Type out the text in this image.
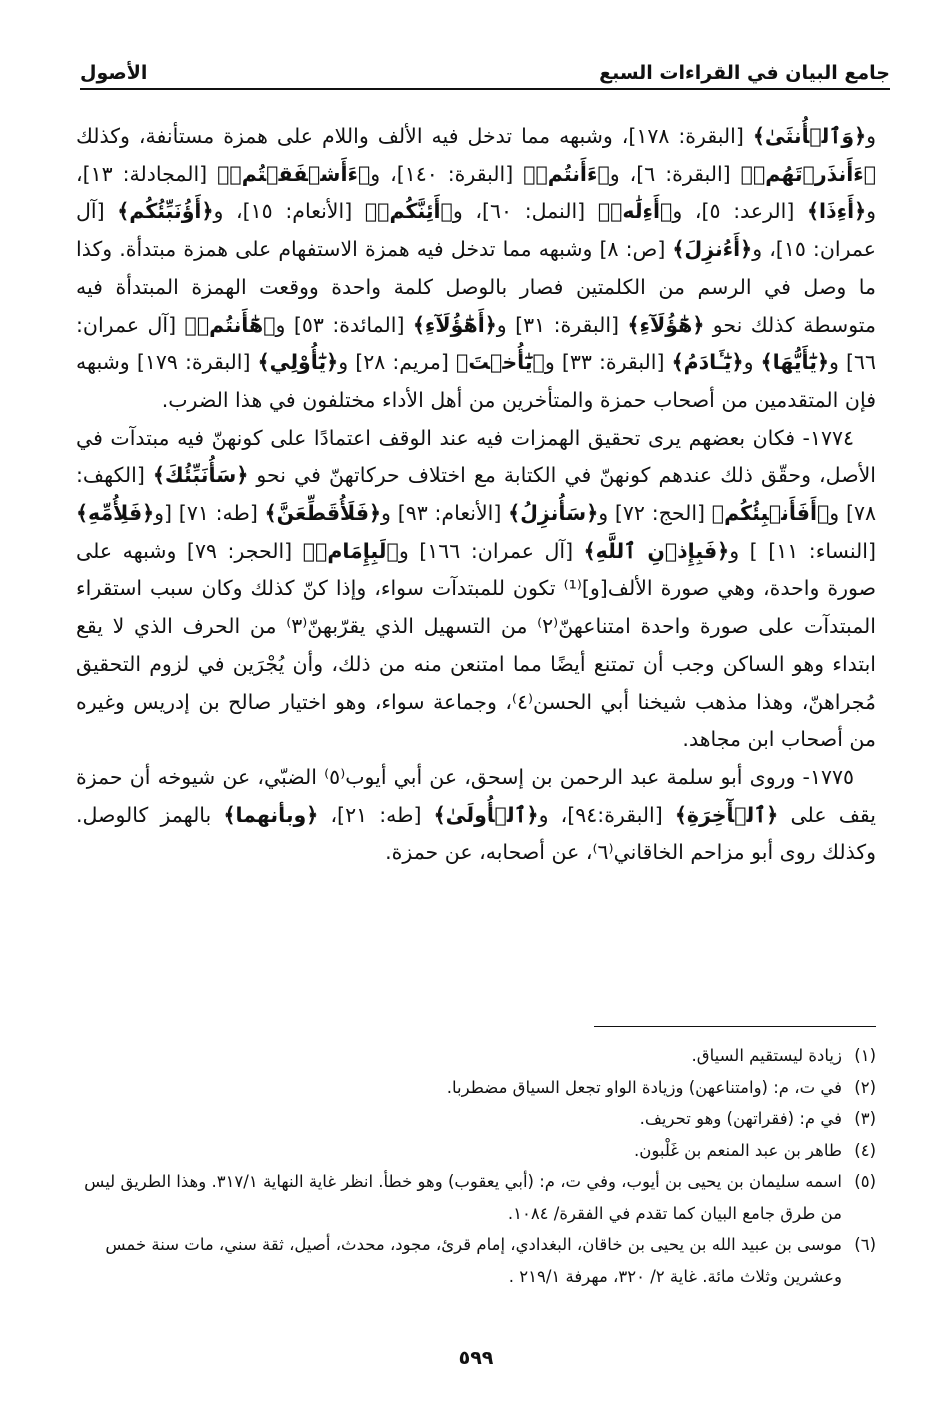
جامع البيان في القراءات السبع
الأصول

و﴿وَٱلۡأُنثَىٰ﴾ [البقرة: ١٧٨]، وشبهه مما تدخل فيه الألف واللام على همزة مستأنفة، وكذلك ﴿ءَأَنذَرۡتَهُمۡ﴾ [البقرة: ٦]، و﴿ءَأَنتُمۡ﴾ [البقرة: ١٤٠]، و﴿ءَأَشۡفَقۡتُمۡ﴾ [المجادلة: ١٣]، و﴿أَءِذَا﴾ [الرعد: ٥]، و﴿أَءِلَٰهٞ﴾ [النمل: ٦٠]، و﴿أَئِنَّكُمۡ﴾ [الأنعام: ١٥]، و﴿أَؤُنَبِّئُكُم﴾ [آل عمران: ١٥]، و﴿أَءُنزِلَ﴾ [ص: ٨] وشبهه مما تدخل فيه همزة الاستفهام على همزة مبتدأة. وكذا ما وصل في الرسم من الكلمتين فصار بالوصل كلمة واحدة ووقعت الهمزة المبتدأة فيه متوسطة كذلك نحو ﴿هَٰٓؤُلَآءِ﴾ [البقرة: ٣١] و﴿أَهَٰٓؤُلَآءِ﴾ [المائدة: ٥٣] و﴿هَٰٓأَنتُمۡ﴾ [آل عمران: ٦٦] و﴿يَٰٓأَيُّهَا﴾ و﴿يَٰٓـَٔادَمُ﴾ [البقرة: ٣٣] و﴿يَٰٓأُخۡتَ﴾ [مريم: ٢٨] و﴿يَٰٓأُوْلِي﴾ [البقرة: ١٧٩] وشبهه فإن المتقدمين من أصحاب حمزة والمتأخرين من أهل الأداء مختلفون في هذا الضرب.

١٧٧٤- فكان بعضهم يرى تحقيق الهمزات فيه عند الوقف اعتمادًا على كونهنّ فيه مبتدآت في الأصل، وحقّق ذلك عندهم كونهنّ في الكتابة مع اختلاف حركاتهنّ في نحو ﴿سَأُنَبِّئُكَ﴾ [الكهف: ٧٨] و﴿أَفَأَنۢبِئُكُم﴾ [الحج: ٧٢] و﴿سَأُنزِلُ﴾ [الأنعام: ٩٣] و﴿فَلَأُقَطِّعَنَّ﴾ [طه: ٧١] [و﴿فَلِأُمِّهِ﴾ [النساء: ١١] ] و﴿فَبِإِذۡنِ ٱللَّهِ﴾ [آل عمران: ١٦٦] و﴿لَبِإِمَامٖ﴾ [الحجر: ٧٩] وشبهه على صورة واحدة، وهي صورة الألف[و]⁽¹⁾ تكون للمبتدآت سواء، وإذا كنّ كذلك وكان سبب استقراء المبتدآت على صورة واحدة امتناعهنّ⁽٢⁾ من التسهيل الذي يقرّبهنّ⁽٣⁾ من الحرف الذي لا يقع ابتداء وهو الساكن وجب أن تمتنع أيضًا مما امتنعن منه من ذلك، وأن يُجْرَين في لزوم التحقيق مُجراهنّ، وهذا مذهب شيخنا أبي الحسن⁽٤⁾، وجماعة سواء، وهو اختيار صالح بن إدريس وغيره من أصحاب ابن مجاهد.

١٧٧٥- وروى أبو سلمة عبد الرحمن بن إسحق، عن أبي أيوب⁽٥⁾ الضبّي، عن شيوخه أن حمزة يقف على ﴿ٱلۡأٓخِرَةِ﴾ [البقرة:٩٤]، و﴿ٱلۡأُولَىٰ﴾ [طه: ٢١]، ﴿وبأنهما﴾ بالهمز كالوصل. وكذلك روى أبو مزاحم الخاقاني⁽٦⁾، عن أصحابه، عن حمزة.

(١)
زيادة ليستقيم السياق.
(٢)
في ت، م: (وامتناعهن) وزيادة الواو تجعل السياق مضطربا.
(٣)
في م: (فقراتهن) وهو تحريف.
(٤)
طاهر بن عبد المنعم بن غَلْبون.
(٥)
اسمه سليمان بن يحيى بن أيوب، وفي ت، م: (أبي يعقوب) وهو خطأ. انظر غاية النهاية ٣١٧/١. وهذا الطريق ليس من طرق جامع البيان كما تقدم في الفقرة/ ١٠٨٤.
(٦)
موسى بن عبيد الله بن يحيى بن خاقان، البغدادي، إمام قرئ، مجود، محدث، أصيل، ثقة سني، مات سنة خمس وعشرين وثلاث مائة. غاية ٢/ ٣٢٠، مهرفة ٢١٩/١ .
٥٩٩
